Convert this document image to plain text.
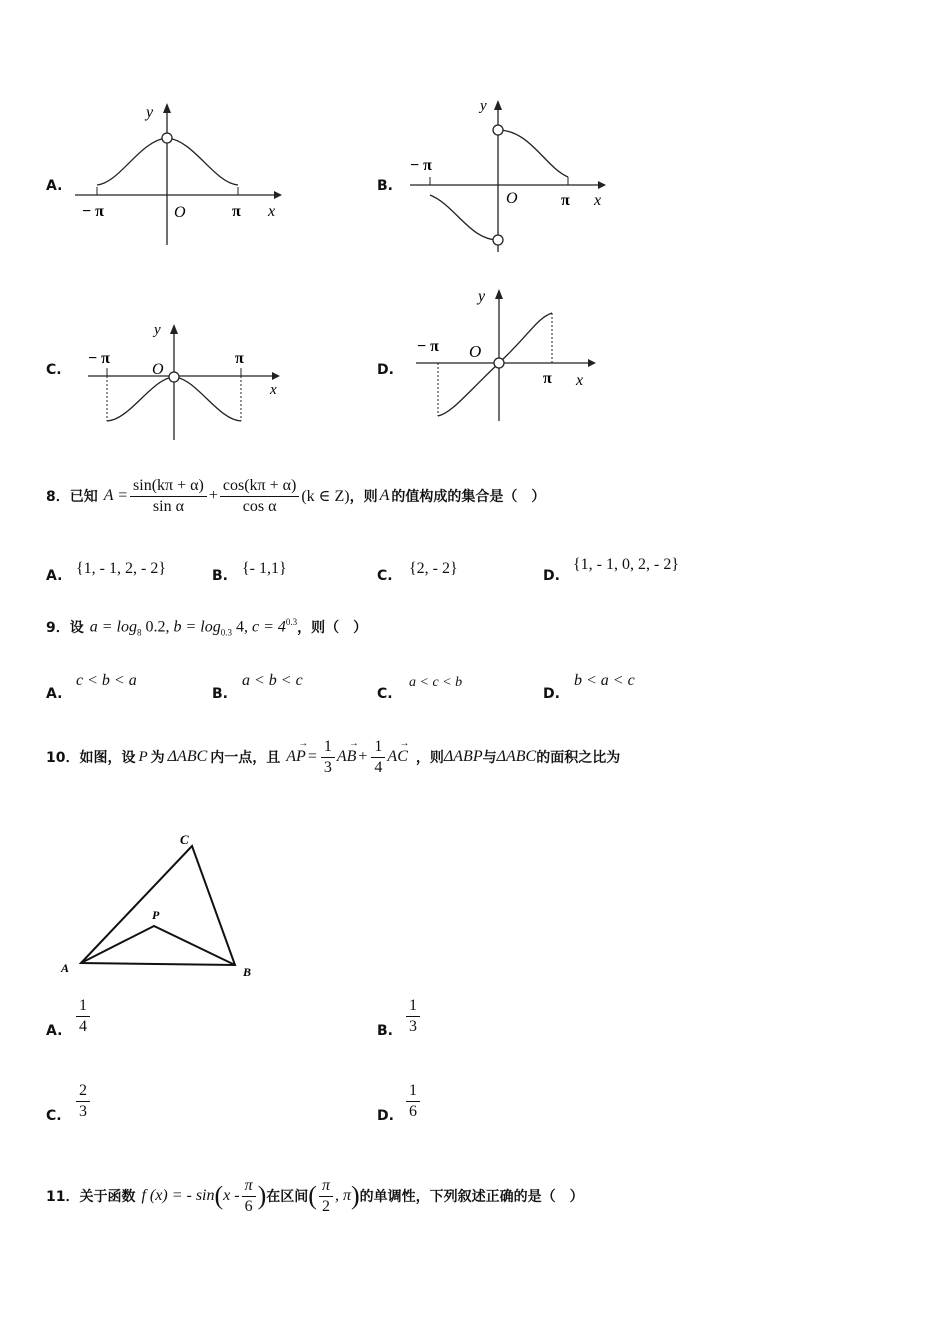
A.
y
− π	O	π x
B.
y
− π
O	π x
C.
y
− π
O
π
x
D.
y
− π O
π x
8．已知 $A = \frac{\sin(k\pi + \alpha)}{\text{sin α}} + \frac{\cos(k\pi + \alpha)}{\text{cos α}} (k$ ∈ Z) ，则 A 的值构成的集合是（　）
A. {1, - 1, 2, - 2}	B. {- 1,1}	C. {2, - 2}	D.
{1, - 1, 0, 2, - 2}
9．设 $a = \log_8 0.2$, $b = \log_{0.3} 4$, $c = 4^{0.3}$ ，则（　）
A.
c < b < a
B.
a < b < c
C.
a < c < b
D.
b < a < c
10．如图，设 P 为 ΔABC 内一点，且
→
AP = $\frac{1}{3}$ →
AB + $\frac{1}{4}$ →
AC ，则 ΔABP 与 ΔABC 的面积之比为
A	B
C
P
A. $\frac{1}{4}$	B. $\frac{1}{3}$
C. $\frac{2}{3}$	D. $\frac{1}{6}$
11．关于函数 f (x) = - sin ( x - $\frac{\pi}{6}$ ) 在区间 ( $\frac{\pi}{2}$ , π ) 的单调性，下列叙述正确的是（　）
